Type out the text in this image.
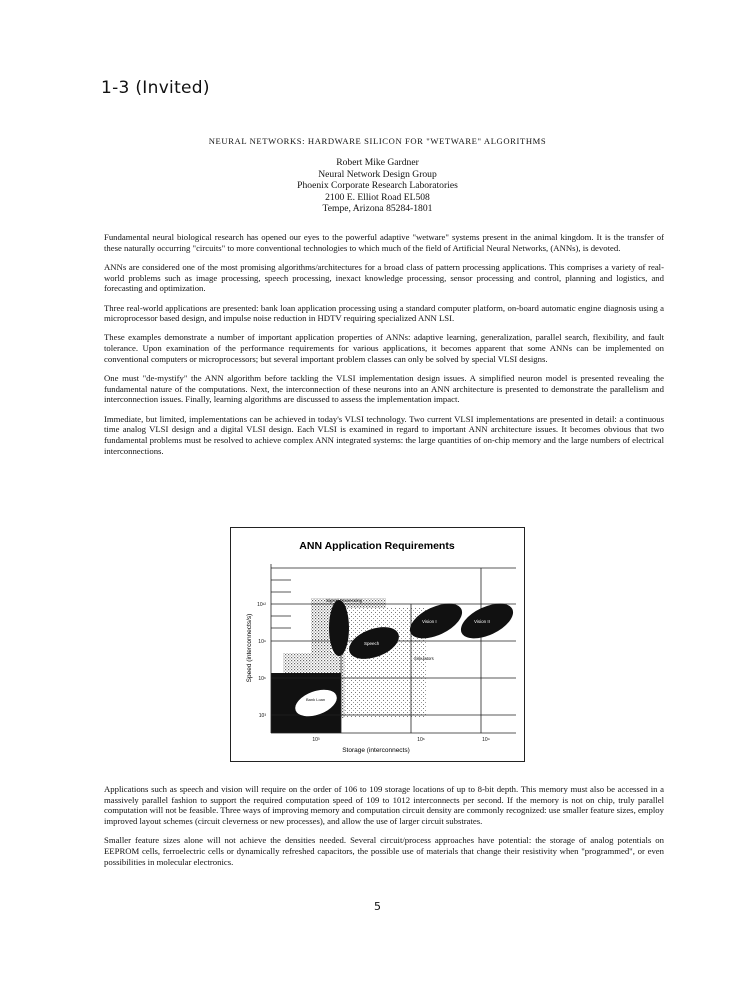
1-3 (Invited)
NEURAL NETWORKS: HARDWARE SILICON FOR "WETWARE" ALGORITHMS
Robert Mike Gardner
Neural Network Design Group
Phoenix Corporate Research Laboratories
2100 E. Elliot Road EL508
Tempe, Arizona 85284-1801

Fundamental neural biological research has opened our eyes to the powerful adaptive "wetware" systems present in the animal kingdom. It is the transfer of these naturally occurring "circuits" to more conventional technologies to which much of the field of Artificial Neural Networks, (ANNs), is devoted.

ANNs are considered one of the most promising algorithms/architectures for a broad class of pattern processing applications. This comprises a variety of real-world problems such as image processing, speech processing, inexact knowledge processing, sensor processing and control, planning and logistics, and forecasting and optimization.

Three real-world applications are presented: bank loan application processing using a standard computer platform, on-board automatic engine diagnosis using a microprocessor based design, and impulse noise reduction in HDTV requiring specialized ANN LSI.

These examples demonstrate a number of important application properties of ANNs: adaptive learning, generalization, parallel search, flexibility, and fault tolerance. Upon examination of the performance requirements for various applications, it becomes apparent that some ANNs can be implemented on conventional computers or microprocessors; but several important problem classes can only be solved by special VLSI designs.

One must "de-mystify" the ANN algorithm before tackling the VLSI implementation design issues. A simplified neuron model is presented revealing the fundamental nature of the computations. Next, the interconnection of these neurons into an ANN architecture is presented to demonstrate the parallelism and interconnection issues. Finally, learning algorithms are discussed to assess the implementation impact.

Immediate, but limited, implementations can be achieved in today's VLSI technology. Two current VLSI implementations are presented in detail: a continuous time analog VLSI design and a digital VLSI design. Each VLSI is examined in regard to important ANN architecture issues. It becomes obvious that two fundamental problems must be resolved to achieve complex ANN integrated systems: the large quantities of on-chip memory and the large numbers of electrical interconnections.

ANN Application Requirements
Signal Processing
Simulators
Vision I	Vision II
Speech
Bank Loan
10¹²
10⁹
10⁶
10³
10³	10⁶	10⁹
Storage (interconnects)
Speed (interconnects/s)

Applications such as speech and vision will require on the order of 106 to 109 storage locations of up to 8-bit depth. This memory must also be accessed in a massively parallel fashion to support the required computation speed of 109 to 1012 interconnects per second. If the memory is not on chip, truly parallel computation will not be feasible. Three ways of improving memory and computation circuit density are commonly recognized: use smaller feature sizes, employ improved layout schemes (circuit cleverness or new processes), and allow the use of larger circuit substrates.

Smaller feature sizes alone will not achieve the densities needed. Several circuit/process approaches have potential: the storage of analog potentials on EEPROM cells, ferroelectric cells or dynamically refreshed capacitors, the possible use of materials that change their resistivity when "programmed", or even possibilities in molecular electronics.

5
